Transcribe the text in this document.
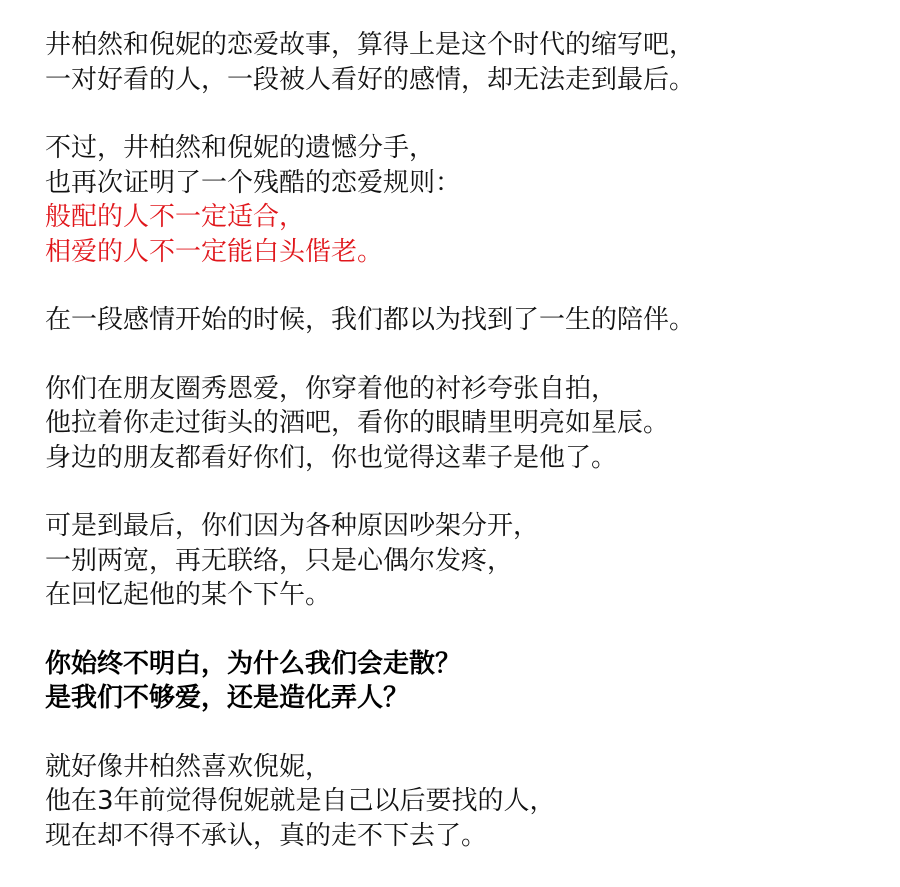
井柏然和倪妮的恋爱故事，算得上是这个时代的缩写吧，
一对好看的人，一段被人看好的感情，却无法走到最后。

不过，井柏然和倪妮的遗憾分手，
也再次证明了一个残酷的恋爱规则：
般配的人不一定适合，
相爱的人不一定能白头偕老。

在一段感情开始的时候，我们都以为找到了一生的陪伴。

你们在朋友圈秀恩爱，你穿着他的衬衫夸张自拍，
他拉着你走过街头的酒吧，看你的眼睛里明亮如星辰。
身边的朋友都看好你们，你也觉得这辈子是他了。

可是到最后，你们因为各种原因吵架分开，
一别两宽，再无联络，只是心偶尔发疼，
在回忆起他的某个下午。

你始终不明白，为什么我们会走散？
是我们不够爱，还是造化弄人？

就好像井柏然喜欢倪妮，
他在3年前觉得倪妮就是自己以后要找的人，
现在却不得不承认，真的走不下去了。
